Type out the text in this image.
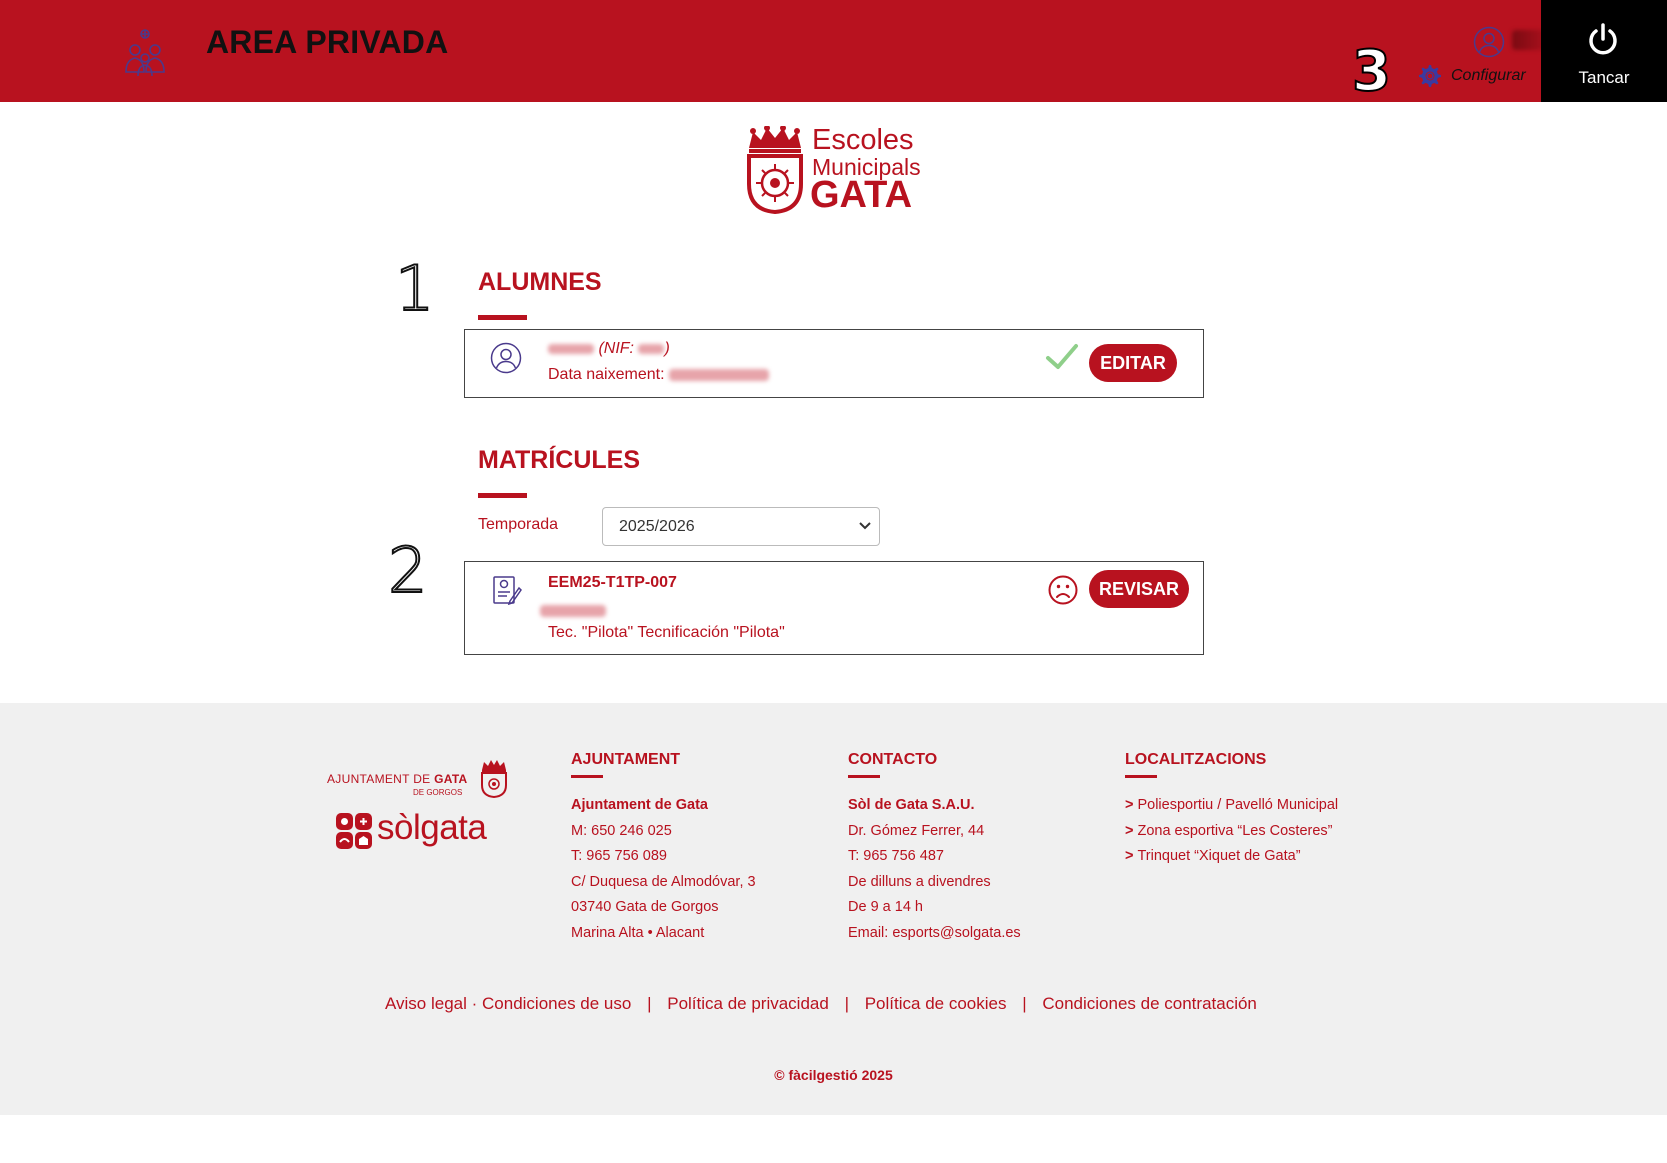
AREA PRIVADA	3	Configurar	Tancar
Escoles
Municipals
GATA
1 ALUMNES
(NIF: )
Data naixement:
EDITAR
MATRÍCULES
Temporada	2025/2026
2	EEM25-T1TP-007
Tec. "Pilota" Tecnificación "Pilota"
REVISAR
AJUNTAMENT DE GATA
DE GORGOS
sòlgata
AJUNTAMENT
Ajuntament de Gata
M: 650 246 025
T: 965 756 089
C/ Duquesa de Almodóvar, 3
03740 Gata de Gorgos
Marina Alta • Alacant
CONTACTO
Sòl de Gata S.A.U.
Dr. Gómez Ferrer, 44
T: 965 756 487
De dilluns a divendres
De 9 a 14 h
Email: esports@solgata.es
LOCALITZACIONS
> Poliesportiu / Pavelló Municipal
> Zona esportiva “Les Costeres”
> Trinquet “Xiquet de Gata”
Aviso legal · Condiciones de uso | Política de privacidad | Política de cookies | Condiciones de contratación
© fàcilgestió 2025
